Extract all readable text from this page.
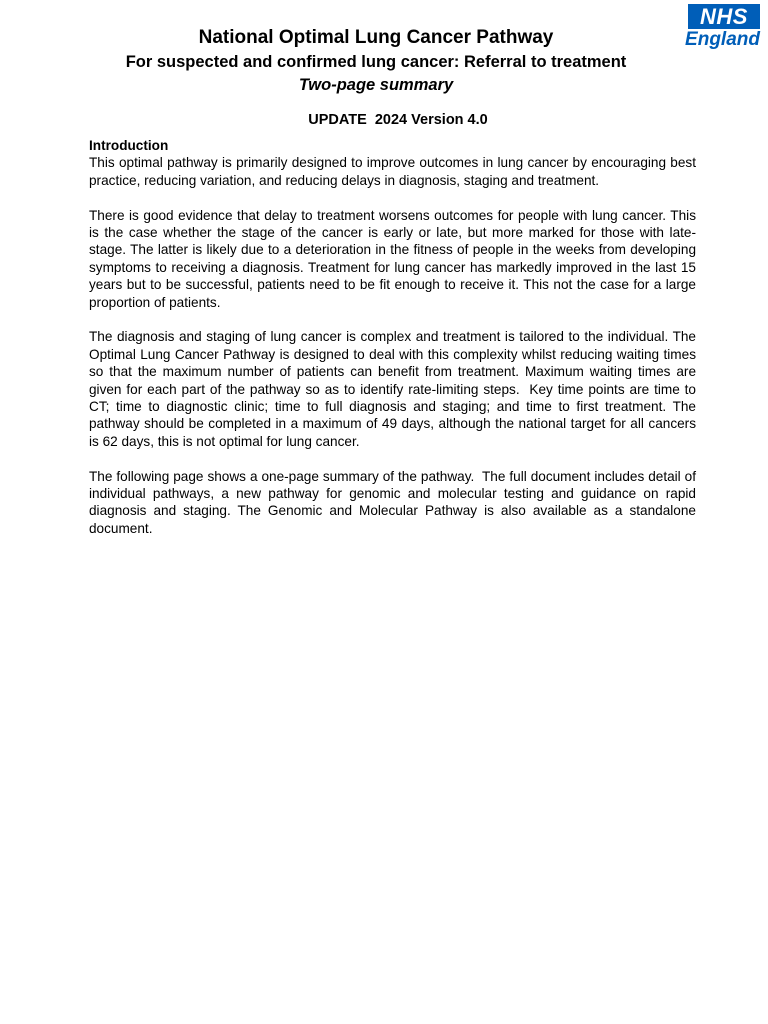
NHS
England

National Optimal Lung Cancer Pathway

For suspected and confirmed lung cancer: Referral to treatment

Two-page summary

UPDATE  2024 Version 4.0

Introduction

This optimal pathway is primarily designed to improve outcomes in lung cancer by encouraging best practice, reducing variation, and reducing delays in diagnosis, staging and treatment.

There is good evidence that delay to treatment worsens outcomes for people with lung cancer. This is the case whether the stage of the cancer is early or late, but more marked for those with late-stage. The latter is likely due to a deterioration in the fitness of people in the weeks from developing symptoms to receiving a diagnosis. Treatment for lung cancer has markedly improved in the last 15 years but to be successful, patients need to be fit enough to receive it. This not the case for a large proportion of patients.

The diagnosis and staging of lung cancer is complex and treatment is tailored to the individual. The Optimal Lung Cancer Pathway is designed to deal with this complexity whilst reducing waiting times so that the maximum number of patients can benefit from treatment. Maximum waiting times are given for each part of the pathway so as to identify rate-limiting steps.  Key time points are time to CT; time to diagnostic clinic; time to full diagnosis and staging; and time to first treatment. The pathway should be completed in a maximum of 49 days, although the national target for all cancers is 62 days, this is not optimal for lung cancer.

The following page shows a one-page summary of the pathway.  The full document includes detail of individual pathways, a new pathway for genomic and molecular testing and guidance on rapid diagnosis and staging. The Genomic and Molecular Pathway is also available as a standalone document.
